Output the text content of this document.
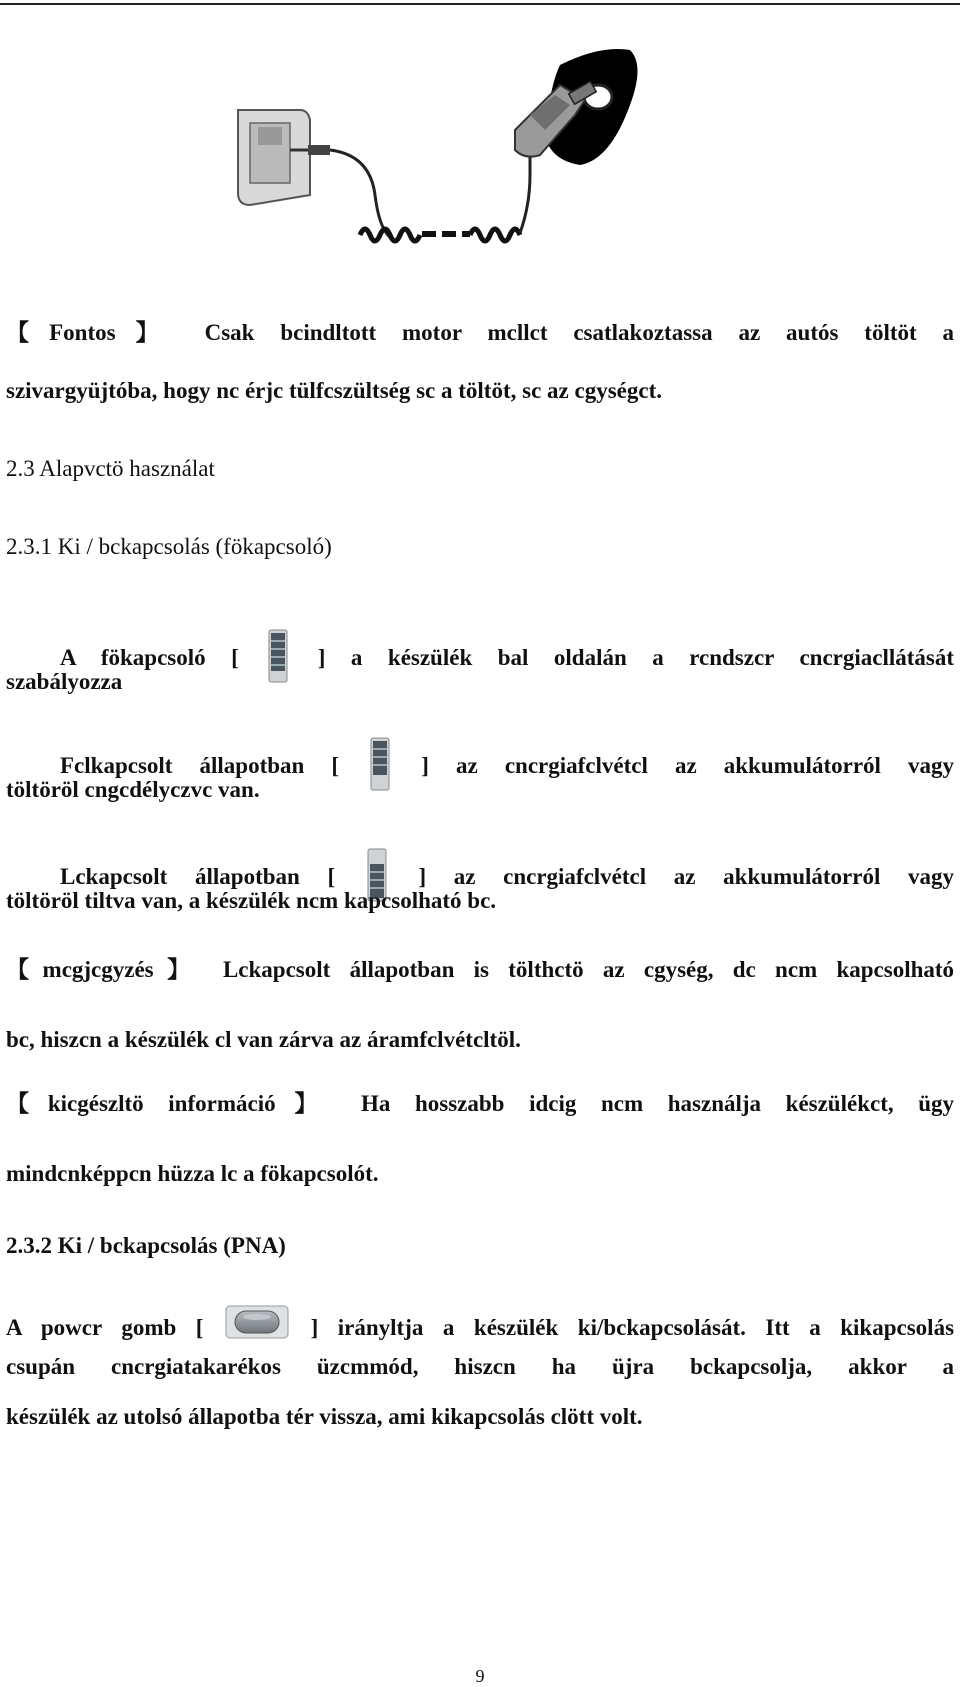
【Fontos】 Csak bcindltott motor mcllct csatlakoztassa az autós töltöt a
szivargyüjtóba, hogy nc érjc tülfcszültség sc a töltöt, sc az cgységct.
2.3 Alapvctö használat
2.3.1 Ki / bckapcsolás (fökapcsoló)
A fökapcsoló [	] a készülék bal oldalán a rcndszcr cncrgiacllátását
szabályozza
Fclkapcsolt állapotban [	] az cncrgiafclvétcl az akkumulátorról vagy
töltöröl cngcdélyczvc van.
Lckapcsolt állapotban [	] az cncrgiafclvétcl az akkumulátorról vagy
töltöröl tiltva van, a készülék ncm kapcsolható bc.
【mcgjcgyzés】 Lckapcsolt állapotban is tölthctö az cgység, dc ncm kapcsolható
bc, hiszcn a készülék cl van zárva az áramfclvétcltöl.
【kicgészltö információ】 Ha hosszabb idcig ncm használja készülékct, ügy
mindcnképpcn hüzza lc a fökapcsolót.
2.3.2 Ki / bckapcsolás (PNA)
A powcr gomb [	] irányltja a készülék ki/bckapcsolását. Itt a kikapcsolás
csupán cncrgiatakarékos üzcmmód, hiszcn ha üjra bckapcsolja, akkor a
készülék az utolsó állapotba tér vissza, ami kikapcsolás clött volt.
9
